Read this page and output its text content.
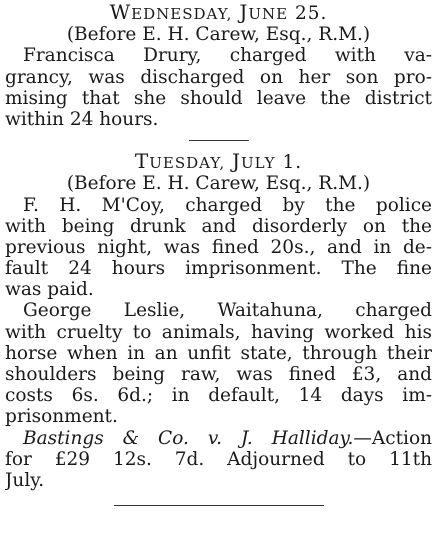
WEDNESDAY, JUNE 25.
(Before E. H. Carew, Esq., R.M.)
Francisca Drury, charged with va-
grancy, was discharged on her son pro-
mising that she should leave the district
within 24 hours.
TUESDAY, JULY 1.
(Before E. H. Carew, Esq., R.M.)
F. H. M'Coy, charged by the police
with being drunk and disorderly on the
previous night, was fined 20s., and in de-
fault 24 hours imprisonment. The fine
was paid.
George Leslie, Waitahuna, charged
with cruelty to animals, having worked his
horse when in an unfit state, through their
shoulders being raw, was fined £3, and
costs 6s. 6d.; in default, 14 days im-
prisonment.
Bastings & Co. v. J. Halliday.—Action
for £29 12s. 7d. Adjourned to 11th
July.
